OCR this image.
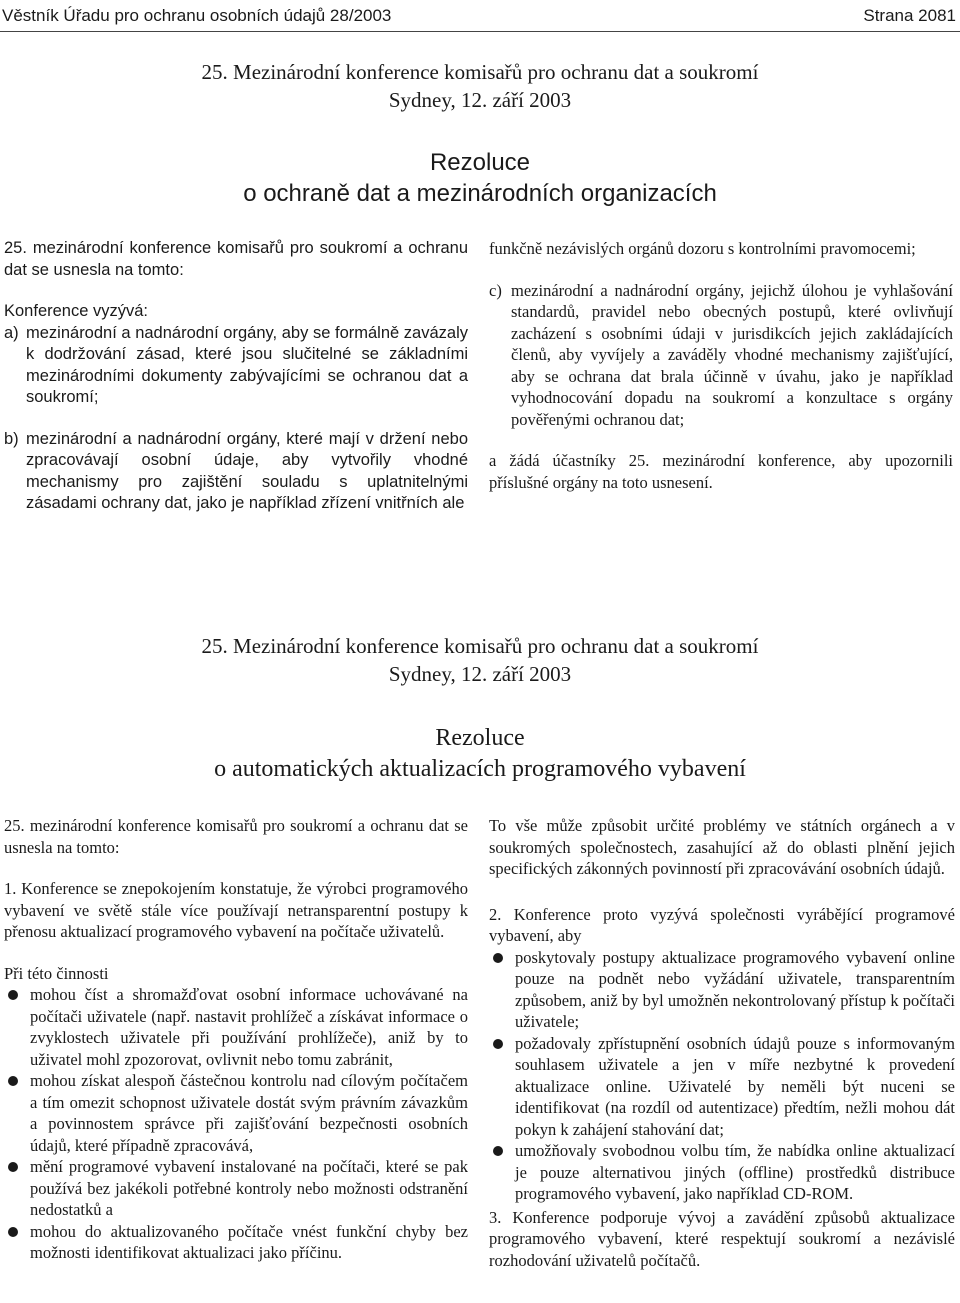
Věstník Úřadu pro ochranu osobních údajů 28/2003	Strana 2081
25. Mezinárodní konference komisařů pro ochranu dat a soukromí
Sydney, 12. září 2003
Rezoluce
o ochraně dat a mezinárodních organizacích

25. mezinárodní konference komisařů pro soukromí a ochranu dat se usnesla na tomto:

Konference vyzývá:

a) mezinárodní a nadnárodní orgány, aby se formálně zavázaly k dodržování zásad, které jsou slučitelné se základními mezinárodními dokumenty zabývajícími se ochranou dat a soukromí;
b) mezinárodní a nadnárodní orgány, které mají v držení nebo zpracovávají osobní údaje, aby vytvořily vhodné mechanismy pro zajištění souladu s uplatnitelnými zásadami ochrany dat, jako je například zřízení vnitřních ale

funkčně nezávislých orgánů dozoru s kontrolními pravomocemi;

c) mezinárodní a nadnárodní orgány, jejichž úlohou je vyhlašování standardů, pravidel nebo obecných postupů, které ovlivňují zacházení s osobními údaji v jurisdikcích jejich zakládajících členů, aby vyvíjely a zaváděly vhodné mechanismy zajišťující, aby se ochrana dat brala účinně v úvahu, jako je například vyhodnocování dopadu na soukromí a konzultace s orgány pověřenými ochranou dat;

a žádá účastníky 25. mezinárodní konference, aby upozornili příslušné orgány na toto usnesení.

25. Mezinárodní konference komisařů pro ochranu dat a soukromí
Sydney, 12. září 2003
Rezoluce
o automatických aktualizacích programového vybavení

25. mezinárodní konference komisařů pro soukromí a ochranu dat se usnesla na tomto:

1. Konference se znepokojením konstatuje, že výrobci programového vybavení ve světě stále více používají netransparentní postupy k přenosu aktualizací programového vybavení na počítače uživatelů.

Při této činnosti

mohou číst a shromažďovat osobní informace uchovávané na počítači uživatele (např. nastavit prohlížeč a získávat informace o zvyklostech uživatele při používání prohlížeče), aniž by to uživatel mohl zpozorovat, ovlivnit nebo tomu zabránit,
mohou získat alespoň částečnou kontrolu nad cílovým počítačem a tím omezit schopnost uživatele dostát svým právním závazkům a povinnostem správce při zajišťování bezpečnosti osobních údajů, které případně zpracovává,
mění programové vybavení instalované na počítači, které se pak používá bez jakékoli potřebné kontroly nebo možnosti odstranění nedostatků a
mohou do aktualizovaného počítače vnést funkční chyby bez možnosti identifikovat aktualizaci jako příčinu.

To vše může způsobit určité problémy ve státních orgánech a v soukromých společnostech, zasahující až do oblasti plnění jejich specifických zákonných povinností při zpracovávání osobních údajů.

2. Konference proto vyzývá společnosti vyrábějící programové vybavení, aby

poskytovaly postupy aktualizace programového vybavení online pouze na podnět nebo vyžádání uživatele, transparentním způsobem, aniž by byl umožněn nekontrolovaný přístup k počítači uživatele;
požadovaly zpřístupnění osobních údajů pouze s informovaným souhlasem uživatele a jen v míře nezbytné k provedení aktualizace online. Uživatelé by neměli být nuceni se identifikovat (na rozdíl od autentizace) předtím, nežli mohou dát pokyn k zahájení stahování dat;
umožňovaly svobodnou volbu tím, že nabídka online aktualizací je pouze alternativou jiných (offline) prostředků distribuce programového vybavení, jako například CD-ROM.

3. Konference podporuje vývoj a zavádění způsobů aktualizace programového vybavení, které respektují soukromí a nezávislé rozhodování uživatelů počítačů.
